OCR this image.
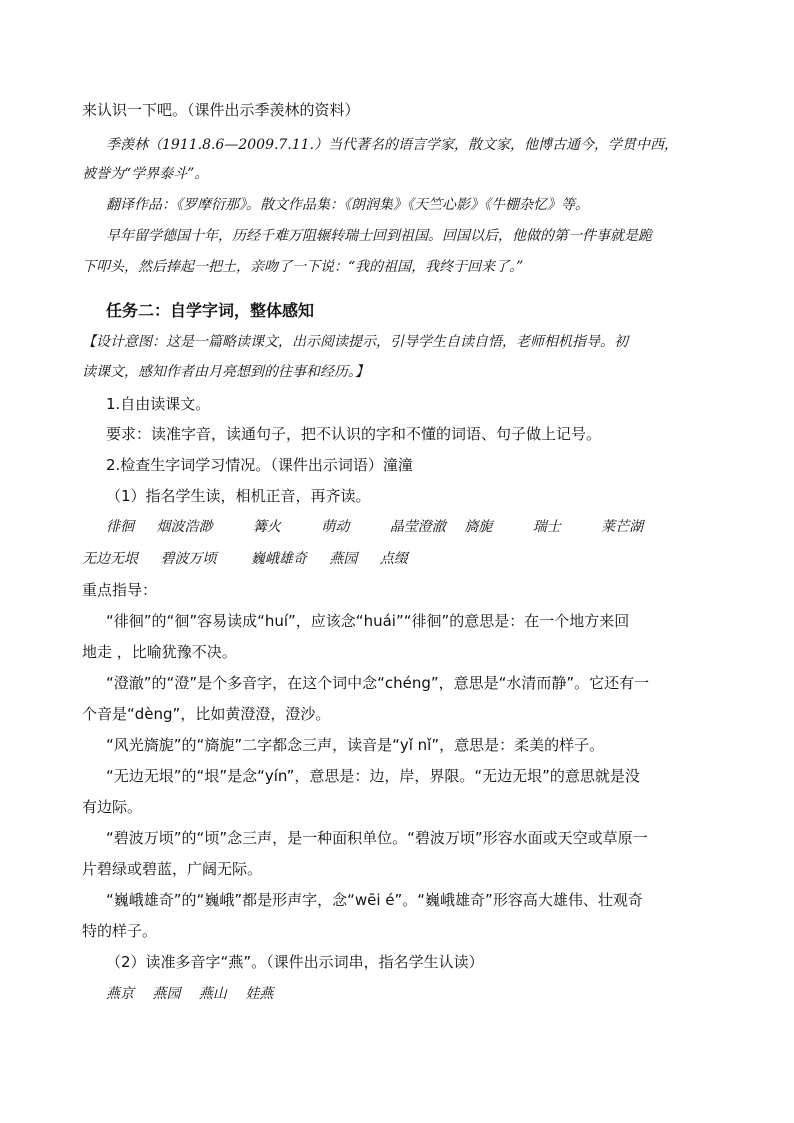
来认识一下吧。（课件出示季羡林的资料）
季羡林（1911.8.6—2009.7.11.）当代著名的语言学家，散文家，他博古通今，学贯中西，
被誉为“学界泰斗”。
翻译作品：《罗摩衍那》。散文作品集：《朗润集》《天竺心影》《牛棚杂忆》等。
早年留学德国十年，历经千难万阻辗转瑞士回到祖国。回国以后，他做的第一件事就是跪
下叩头，然后捧起一把土，亲吻了一下说：“我的祖国，我终于回来了。”
任务二：自学字词，整体感知
【设计意图：这是一篇略读课文，出示阅读提示，引导学生自读自悟，老师相机指导。初
读课文，感知作者由月亮想到的往事和经历。】
1.自由读课文。
要求：读准字音，读通句子，把不认识的字和不懂的词语、句子做上记号。
2.检查生字词学习情况。（课件出示词语）潼潼
（1）指名学生读，相机正音，再齐读。
徘徊 烟波浩渺	篝火	萌动	晶莹澄澈 旖旎	瑞士	莱芒湖
无边无垠 碧波万顷 巍峨雄奇 燕园 点缀
重点指导：
“徘徊”的“徊”容易读成“huí”，应该念“huái”“徘徊”的意思是：在一个地方来回
地走 ，比喻犹豫不决。
“澄澈”的“澄”是个多音字，在这个词中念“chéng”，意思是“水清而静”。它还有一
个音是“dèng”，比如黄澄澄，澄沙。
“风光旖旎”的“旖旎”二字都念三声，读音是“yǐ nǐ”，意思是：柔美的样子。
“无边无垠”的“垠”是念“yín”，意思是：边，岸，界限。“无边无垠”的意思就是没
有边际。
“碧波万顷”的“顷”念三声，是一种面积单位。“碧波万顷”形容水面或天空或草原一
片碧绿或碧蓝，广阔无际。
“巍峨雄奇”的“巍峨”都是形声字，念“wēi é”。“巍峨雄奇”形容高大雄伟、壮观奇
特的样子。
（2）读准多音字“燕”。（课件出示词串，指名学生认读）
燕京 燕园 燕山 娃燕
